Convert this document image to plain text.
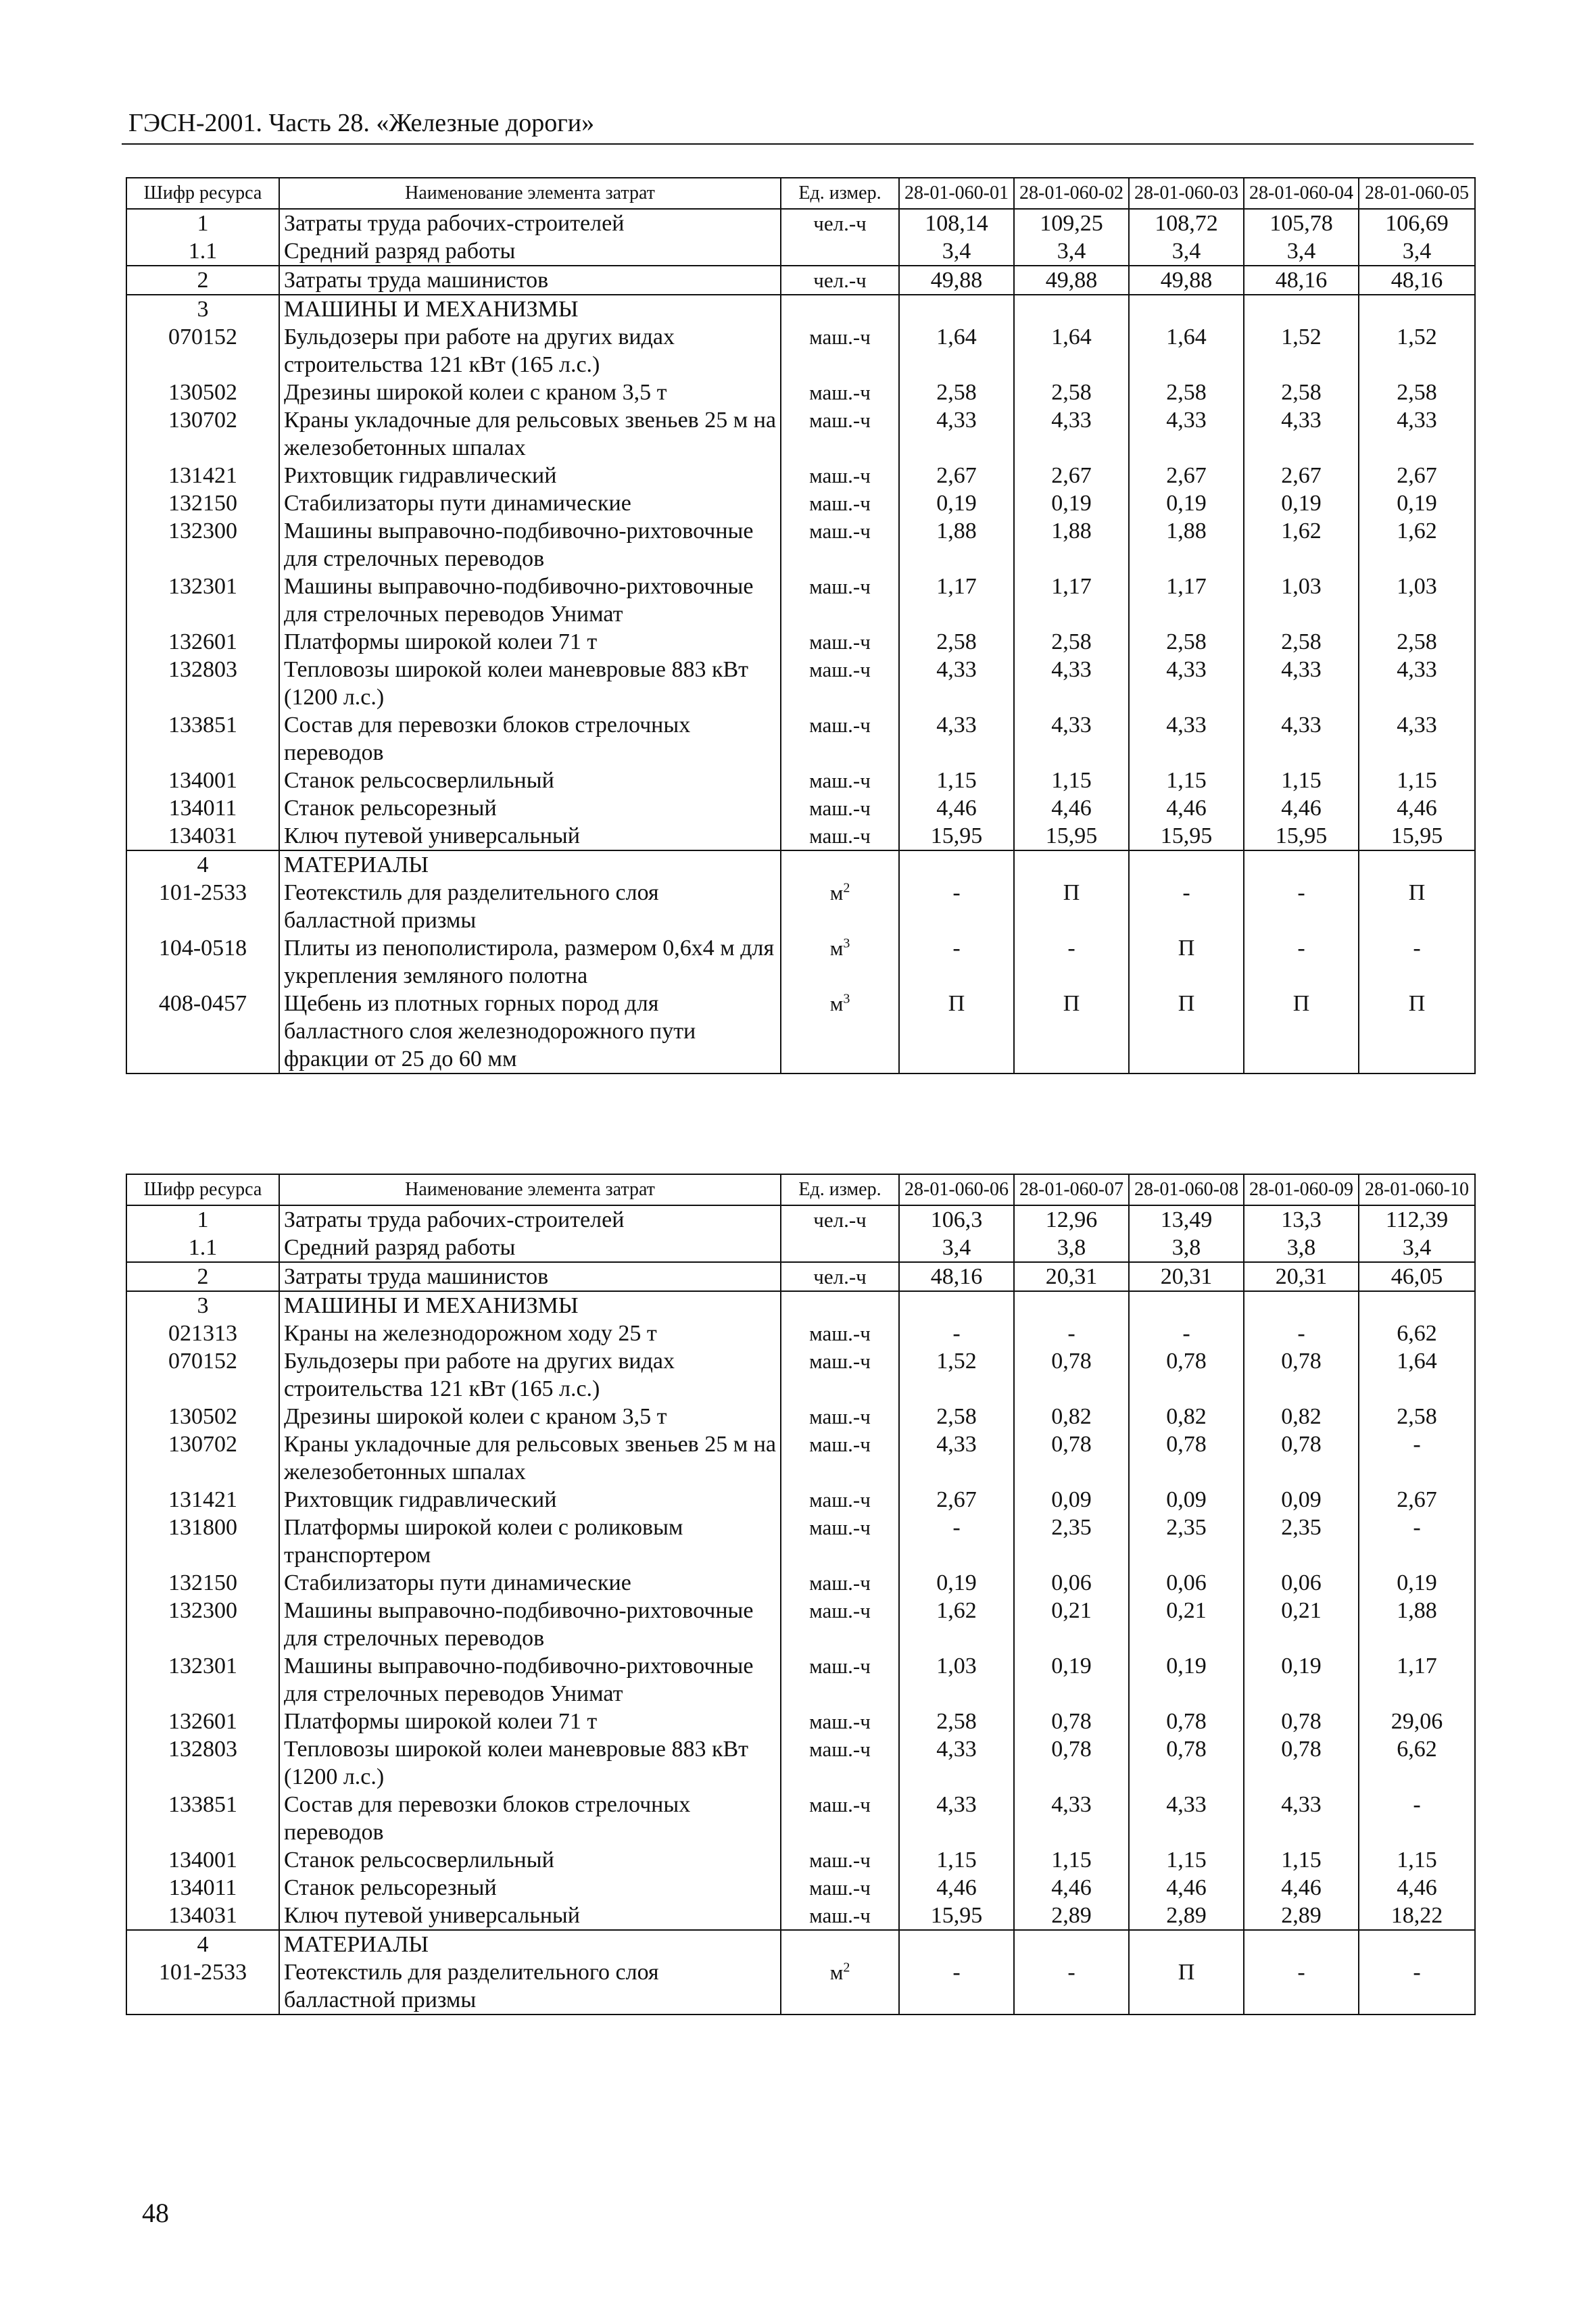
ГЭСН-2001. Часть 28. «Железные дороги»
Шифр ресурса	Наименование элемента затрат	Ед. измер.	28-01-060-01	28-01-060-02	28-01-060-03	28-01-060-04	28-01-060-05
1	Затраты труда рабочих-строителей	чел.-ч	108,14	109,25	108,72	105,78	106,69
1.1	Средний разряд работы		3,4	3,4	3,4	3,4	3,4
2	Затраты труда машинистов	чел.-ч	49,88	49,88	49,88	48,16	48,16
3	МАШИНЫ И МЕХАНИЗМЫ						
070152	Бульдозеры при работе на других видах строительства 121 кВт (165 л.с.)	маш.-ч	1,64	1,64	1,64	1,52	1,52
130502	Дрезины широкой колеи с краном 3,5 т	маш.-ч	2,58	2,58	2,58	2,58	2,58
130702	Краны укладочные для рельсовых звеньев 25 м на железобетонных шпалах	маш.-ч	4,33	4,33	4,33	4,33	4,33
131421	Рихтовщик гидравлический	маш.-ч	2,67	2,67	2,67	2,67	2,67
132150	Стабилизаторы пути динамические	маш.-ч	0,19	0,19	0,19	0,19	0,19
132300	Машины выправочно-подбивочно-рихтовочные для стрелочных переводов	маш.-ч	1,88	1,88	1,88	1,62	1,62
132301	Машины выправочно-подбивочно-рихтовочные для стрелочных переводов Унимат	маш.-ч	1,17	1,17	1,17	1,03	1,03
132601	Платформы широкой колеи 71 т	маш.-ч	2,58	2,58	2,58	2,58	2,58
132803	Тепловозы широкой колеи маневровые 883 кВт (1200 л.с.)	маш.-ч	4,33	4,33	4,33	4,33	4,33
133851	Состав для перевозки блоков стрелочных переводов	маш.-ч	4,33	4,33	4,33	4,33	4,33
134001	Станок рельсосверлильный	маш.-ч	1,15	1,15	1,15	1,15	1,15
134011	Станок рельсорезный	маш.-ч	4,46	4,46	4,46	4,46	4,46
134031	Ключ путевой универсальный	маш.-ч	15,95	15,95	15,95	15,95	15,95
4	МАТЕРИАЛЫ						
101-2533	Геотекстиль для разделительного слоя балластной призмы	$м^2$	-	П	-	-	П
104-0518	Плиты из пенополистирола, размером 0,6х4 м для укрепления земляного полотна	$м^3$	-	-	П	-	-
408-0457	Щебень из плотных горных пород для балластного слоя железнодорожного пути фракции от 25 до 60 мм	$м^3$	П	П	П	П	П
Шифр ресурса	Наименование элемента затрат	Ед. измер.	28-01-060-06	28-01-060-07	28-01-060-08	28-01-060-09	28-01-060-10
1	Затраты труда рабочих-строителей	чел.-ч	106,3	12,96	13,49	13,3	112,39
1.1	Средний разряд работы		3,4	3,8	3,8	3,8	3,4
2	Затраты труда машинистов	чел.-ч	48,16	20,31	20,31	20,31	46,05
3	МАШИНЫ И МЕХАНИЗМЫ						
021313	Краны на железнодорожном ходу 25 т	маш.-ч	-	-	-	-	6,62
070152	Бульдозеры при работе на других видах строительства 121 кВт (165 л.с.)	маш.-ч	1,52	0,78	0,78	0,78	1,64
130502	Дрезины широкой колеи с краном 3,5 т	маш.-ч	2,58	0,82	0,82	0,82	2,58
130702	Краны укладочные для рельсовых звеньев 25 м на железобетонных шпалах	маш.-ч	4,33	0,78	0,78	0,78	-
131421	Рихтовщик гидравлический	маш.-ч	2,67	0,09	0,09	0,09	2,67
131800	Платформы широкой колеи с роликовым транспортером	маш.-ч	-	2,35	2,35	2,35	-
132150	Стабилизаторы пути динамические	маш.-ч	0,19	0,06	0,06	0,06	0,19
132300	Машины выправочно-подбивочно-рихтовочные для стрелочных переводов	маш.-ч	1,62	0,21	0,21	0,21	1,88
132301	Машины выправочно-подбивочно-рихтовочные для стрелочных переводов Унимат	маш.-ч	1,03	0,19	0,19	0,19	1,17
132601	Платформы широкой колеи 71 т	маш.-ч	2,58	0,78	0,78	0,78	29,06
132803	Тепловозы широкой колеи маневровые 883 кВт (1200 л.с.)	маш.-ч	4,33	0,78	0,78	0,78	6,62
133851	Состав для перевозки блоков стрелочных переводов	маш.-ч	4,33	4,33	4,33	4,33	-
134001	Станок рельсосверлильный	маш.-ч	1,15	1,15	1,15	1,15	1,15
134011	Станок рельсорезный	маш.-ч	4,46	4,46	4,46	4,46	4,46
134031	Ключ путевой универсальный	маш.-ч	15,95	2,89	2,89	2,89	18,22
4	МАТЕРИАЛЫ						
101-2533	Геотекстиль для разделительного слоя балластной призмы	$м^2$	-	-	П	-	-
48
